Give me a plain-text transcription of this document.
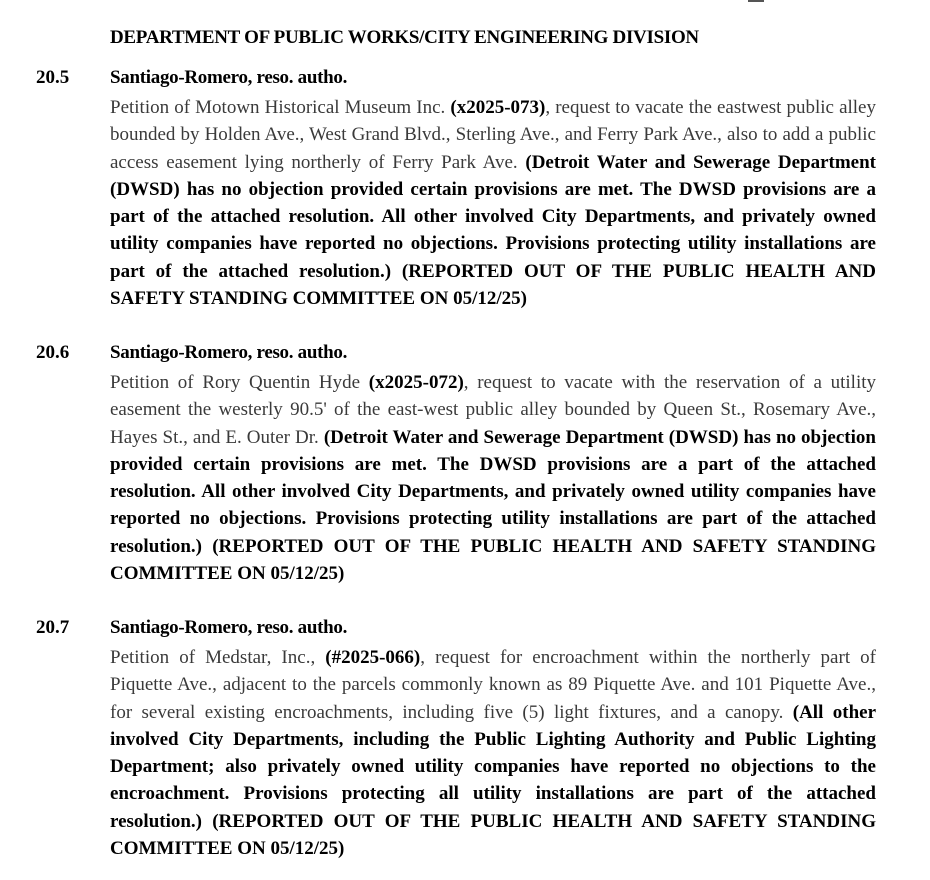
DEPARTMENT OF PUBLIC WORKS/CITY ENGINEERING DIVISION
20.5 Santiago-Romero, reso. autho.
Petition of Motown Historical Museum Inc. (x2025-073), request to vacate the eastwest public alley bounded by Holden Ave., West Grand Blvd., Sterling Ave., and Ferry Park Ave., also to add a public access easement lying northerly of Ferry Park Ave. (Detroit Water and Sewerage Department (DWSD) has no objection provided certain provisions are met. The DWSD provisions are a part of the attached resolution. All other involved City Departments, and privately owned utility companies have reported no objections. Provisions protecting utility installations are part of the attached resolution.) (REPORTED OUT OF THE PUBLIC HEALTH AND SAFETY STANDING COMMITTEE ON 05/12/25)
20.6 Santiago-Romero, reso. autho.
Petition of Rory Quentin Hyde (x2025-072), request to vacate with the reservation of a utility easement the westerly 90.5' of the east-west public alley bounded by Queen St., Rosemary Ave., Hayes St., and E. Outer Dr. (Detroit Water and Sewerage Department (DWSD) has no objection provided certain provisions are met. The DWSD provisions are a part of the attached resolution. All other involved City Departments, and privately owned utility companies have reported no objections. Provisions protecting utility installations are part of the attached resolution.) (REPORTED OUT OF THE PUBLIC HEALTH AND SAFETY STANDING COMMITTEE ON 05/12/25)
20.7 Santiago-Romero, reso. autho.
Petition of Medstar, Inc., (#2025-066), request for encroachment within the northerly part of Piquette Ave., adjacent to the parcels commonly known as 89 Piquette Ave. and 101 Piquette Ave., for several existing encroachments, including five (5) light fixtures, and a canopy. (All other involved City Departments, including the Public Lighting Authority and Public Lighting Department; also privately owned utility companies have reported no objections to the encroachment. Provisions protecting all utility installations are part of the attached resolution.) (REPORTED OUT OF THE PUBLIC HEALTH AND SAFETY STANDING COMMITTEE ON 05/12/25)
